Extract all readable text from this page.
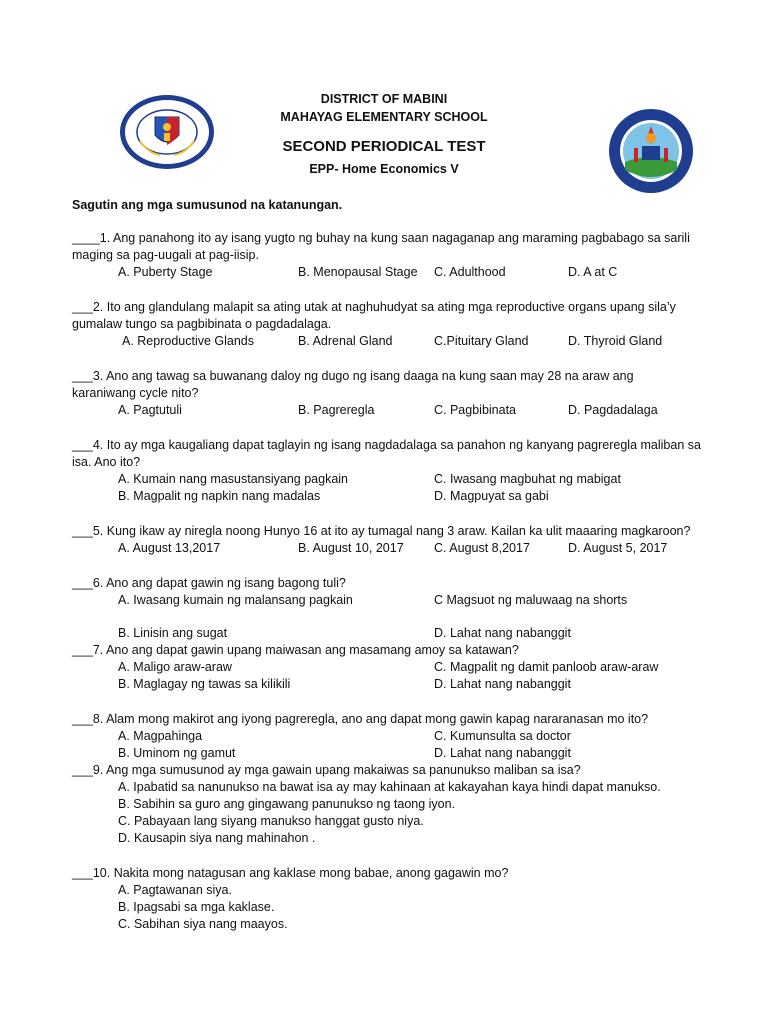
DISTRICT OF MABINI
MAHAYAG ELEMENTARY SCHOOL
SECOND PERIODICAL TEST
EPP- Home Economics V
Sagutin ang mga sumusunod na katanungan.
____1. Ang panahong ito ay isang yugto ng buhay na kung saan nagaganap ang maraming pagbabago sa sarili
maging sa pag-uugali at pag-iisip.
A. Puberty Stage	B. Menopausal Stage C. Adulthood	D. A at C
___2. Ito ang glandulang malapit sa ating utak at naghuhudyat sa ating mga reproductive organs upang sila’y
gumalaw tungo sa pagbibinata o pagdadalaga.
A. Reproductive Glands	B. Adrenal Gland	C.Pituitary Gland	D. Thyroid Gland
___3. Ano ang tawag sa buwanang daloy ng dugo ng isang daaga na kung saan may 28 na araw ang
karaniwang cycle nito?
A. Pagtutuli	B. Pagreregla	C. Pagbibinata	D. Pagdadalaga
___4. Ito ay mga kaugaliang dapat taglayin ng isang nagdadalaga sa panahon ng kanyang pagreregla maliban sa
isa. Ano ito?
A. Kumain nang masustansiyang pagkain	C. Iwasang magbuhat ng mabigat
B. Magpalit ng napkin nang madalas	D. Magpuyat sa gabi
___5. Kung ikaw ay niregla noong Hunyo 16 at ito ay tumagal nang 3 araw. Kailan ka ulit maaaring magkaroon?
A. August 13,2017	B. August 10, 2017 C. August 8,2017	D. August 5, 2017
___6. Ano ang dapat gawin ng isang bagong tuli?
A. Iwasang kumain ng malansang pagkain	C Magsuot ng maluwaag na shorts
B. Linisin ang sugat	D. Lahat nang nabanggit
___7. Ano ang dapat gawin upang maiwasan ang masamang amoy sa katawan?
A. Maligo araw-araw	C. Magpalit ng damit panloob araw-araw
B. Maglagay ng tawas sa kilikili	D. Lahat nang nabanggit
___8. Alam mong makirot ang iyong pagreregla, ano ang dapat mong gawin kapag nararanasan mo ito?
A. Magpahinga	C. Kumunsulta sa doctor
B. Uminom ng gamut	D. Lahat nang nabanggit
___9. Ang mga sumusunod ay mga gawain upang makaiwas sa panunukso maliban sa isa?
A. Ipabatid sa nanunukso na bawat isa ay may kahinaan at kakayahan kaya hindi dapat manukso.
B. Sabihin sa guro ang gingawang panunukso ng taong iyon.
C. Pabayaan lang siyang manukso hanggat gusto niya.
D. Kausapin siya nang mahinahon .
___10. Nakita mong natagusan ang kaklase mong babae, anong gagawin mo?
A. Pagtawanan siya.
B. Ipagsabi sa mga kaklase.
C. Sabihan siya nang maayos.
